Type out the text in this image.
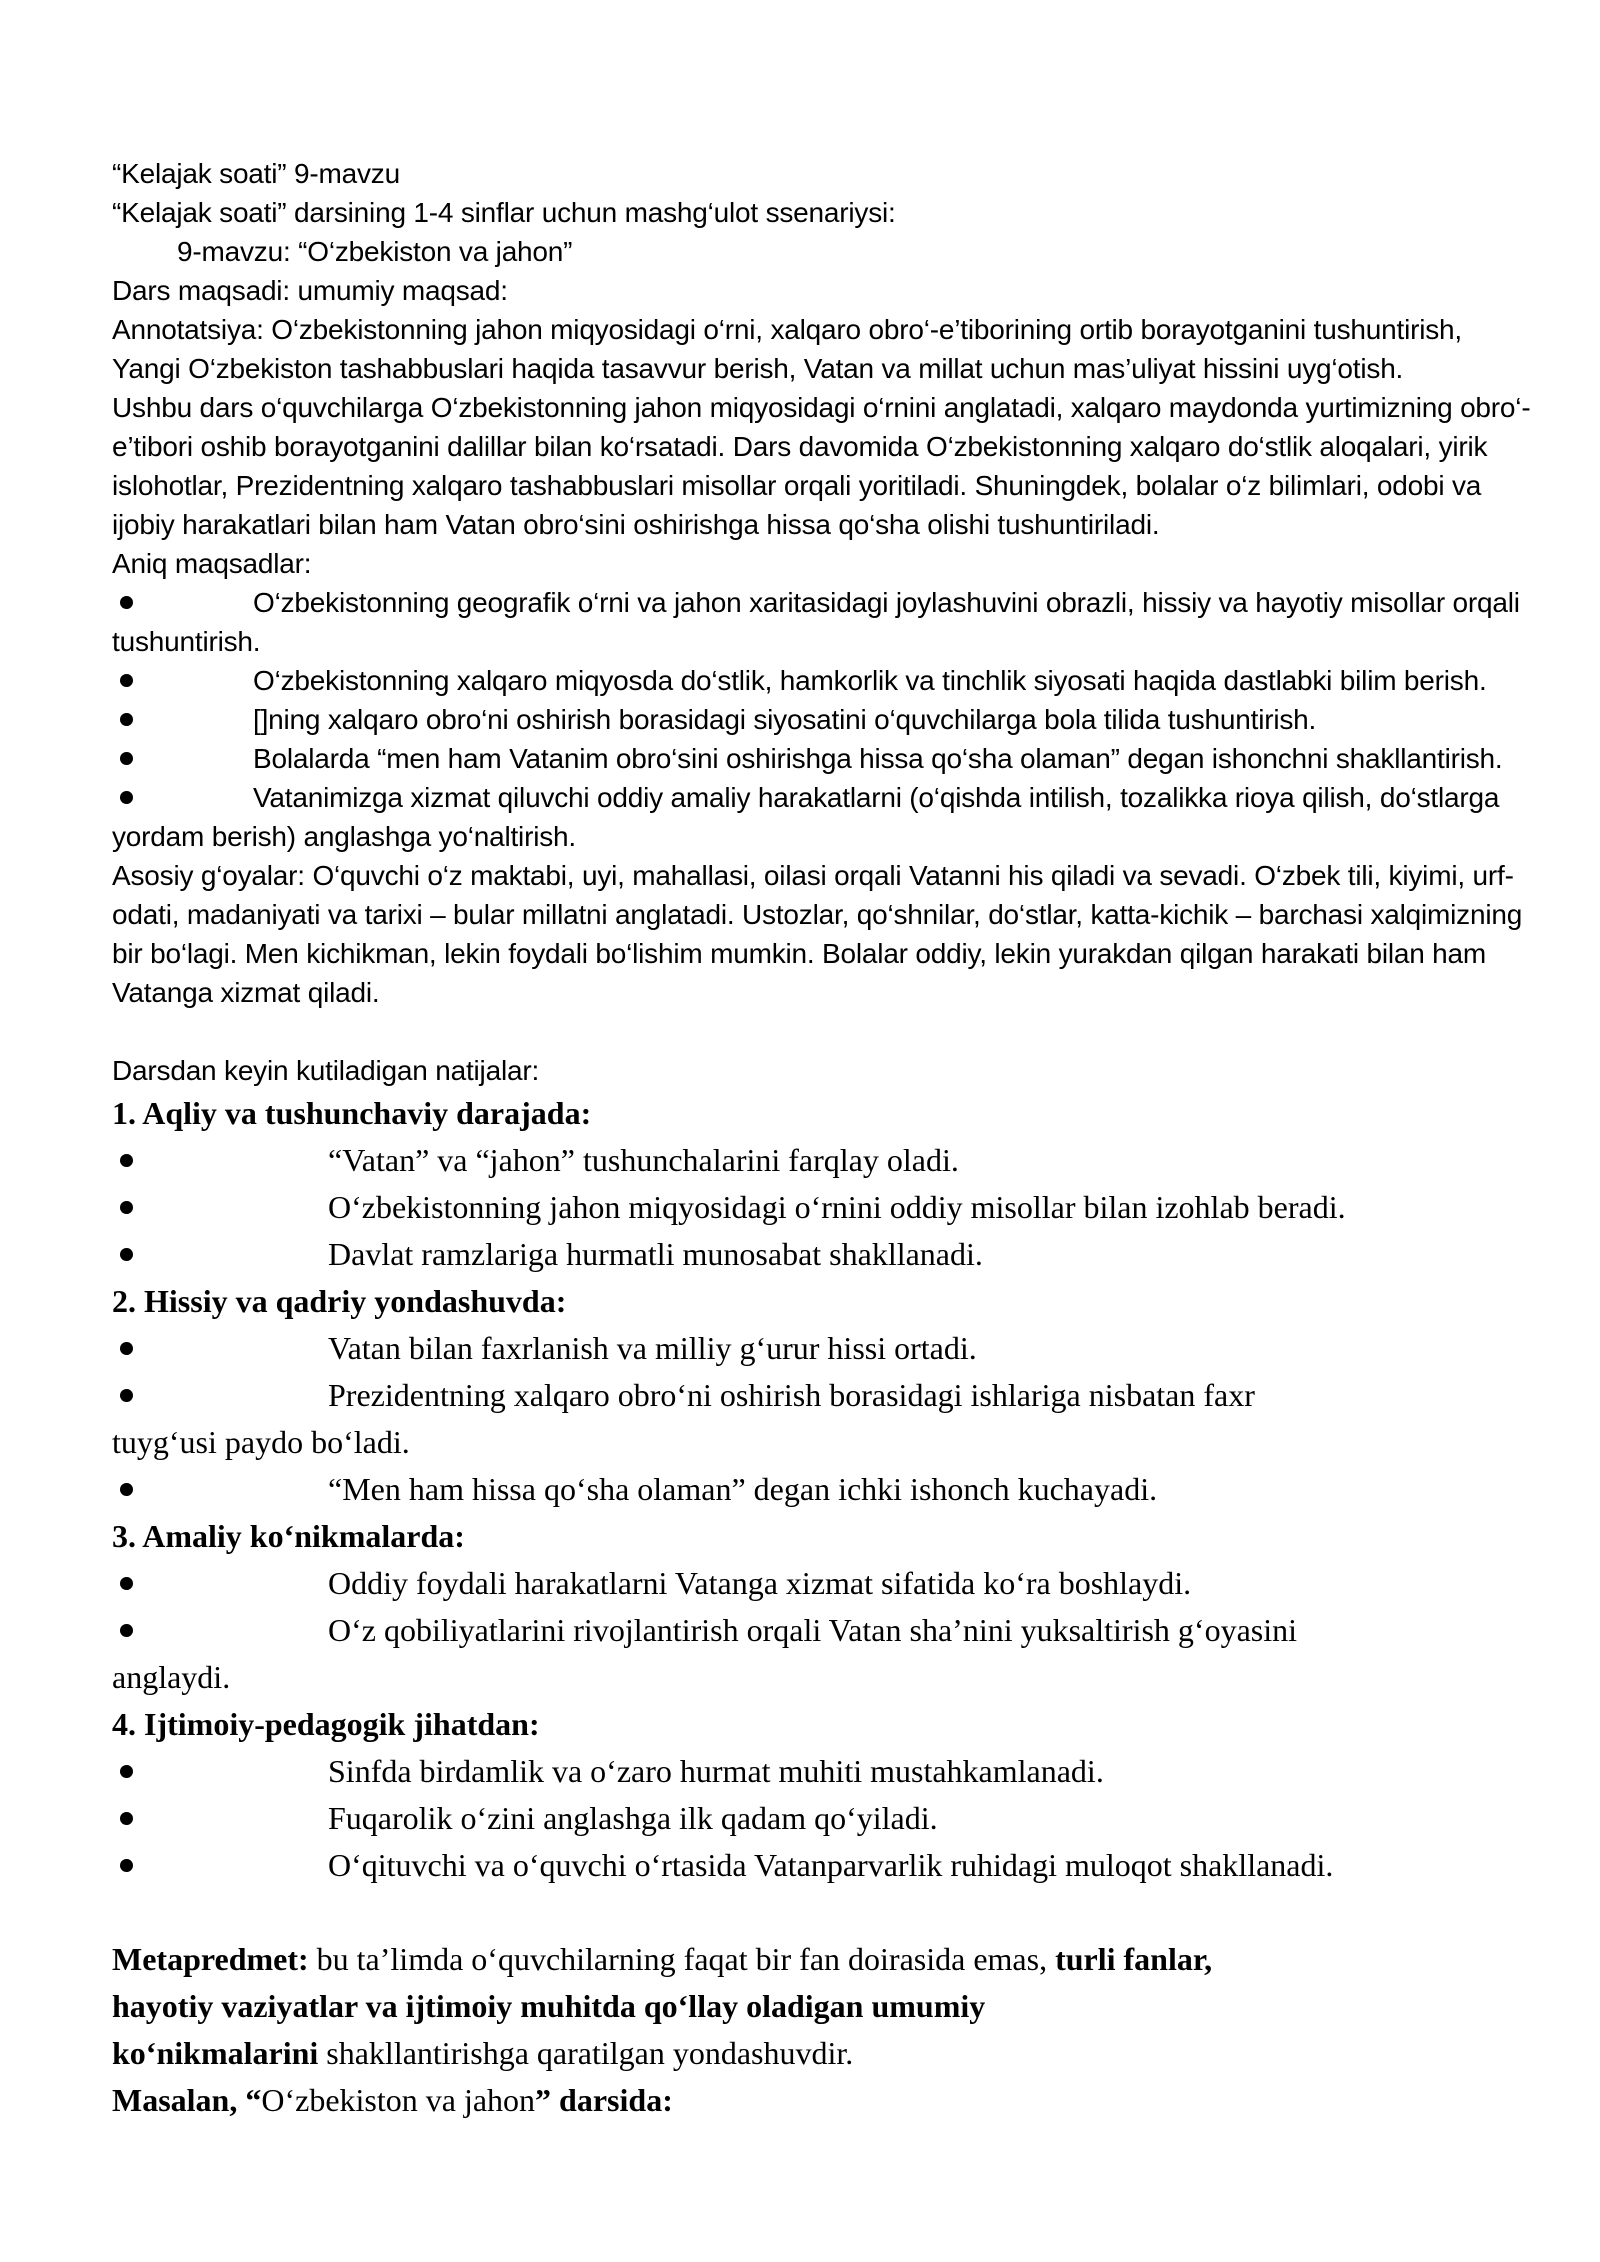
“Kelajak soati” 9-mavzu
“Kelajak soati” darsining 1-4 sinflar uchun mashg‘ulot ssenariysi:
9-mavzu: “O‘zbekiston va jahon”
Dars maqsadi: umumiy maqsad:
Annotatsiya: O‘zbekistonning jahon miqyosidagi o‘rni, xalqaro obro‘-e’tiborining ortib borayotganini tushuntirish,
Yangi O‘zbekiston tashabbuslari haqida tasavvur berish, Vatan va millat uchun mas’uliyat hissini uyg‘otish.
Ushbu dars o‘quvchilarga O‘zbekistonning jahon miqyosidagi o‘rnini anglatadi, xalqaro maydonda yurtimizning obro‘-
e’tibori oshib borayotganini dalillar bilan ko‘rsatadi. Dars davomida O‘zbekistonning xalqaro do‘stlik aloqalari, yirik
islohotlar, Prezidentning xalqaro tashabbuslari misollar orqali yoritiladi. Shuningdek, bolalar o‘z bilimlari, odobi va
ijobiy harakatlari bilan ham Vatan obro‘sini oshirishga hissa qo‘sha olishi tushuntiriladi.
Aniq maqsadlar:
O‘zbekistonning geografik o‘rni va jahon xaritasidagi joylashuvini obrazli, hissiy va hayotiy misollar orqali
tushuntirish.
O‘zbekistonning xalqaro miqyosda do‘stlik, hamkorlik va tinchlik siyosati haqida dastlabki bilim berish.
[]ning xalqaro obro‘ni oshirish borasidagi siyosatini o‘quvchilarga bola tilida tushuntirish.
Bolalarda “men ham Vatanim obro‘sini oshirishga hissa qo‘sha olaman” degan ishonchni shakllantirish.
Vatanimizga xizmat qiluvchi oddiy amaliy harakatlarni (o‘qishda intilish, tozalikka rioya qilish, do‘stlarga
yordam berish) anglashga yo‘naltirish.
Asosiy g‘oyalar: O‘quvchi o‘z maktabi, uyi, mahallasi, oilasi orqali Vatanni his qiladi va sevadi. O‘zbek tili, kiyimi, urf-
odati, madaniyati va tarixi – bular millatni anglatadi. Ustozlar, qo‘shnilar, do‘stlar, katta-kichik – barchasi xalqimizning
bir bo‘lagi. Men kichikman, lekin foydali bo‘lishim mumkin. Bolalar oddiy, lekin yurakdan qilgan harakati bilan ham
Vatanga xizmat qiladi.
Darsdan keyin kutiladigan natijalar:
1. Aqliy va tushunchaviy darajada:
“Vatan” va “jahon” tushunchalarini farqlay oladi.
O‘zbekistonning jahon miqyosidagi o‘rnini oddiy misollar bilan izohlab beradi.
Davlat ramzlariga hurmatli munosabat shakllanadi.
2. Hissiy va qadriy yondashuvda:
Vatan bilan faxrlanish va milliy g‘urur hissi ortadi.
Prezidentning xalqaro obro‘ni oshirish borasidagi ishlariga nisbatan faxr
tuyg‘usi paydo bo‘ladi.
“Men ham hissa qo‘sha olaman” degan ichki ishonch kuchayadi.
3. Amaliy ko‘nikmalarda:
Oddiy foydali harakatlarni Vatanga xizmat sifatida ko‘ra boshlaydi.
O‘z qobiliyatlarini rivojlantirish orqali Vatan sha’nini yuksaltirish g‘oyasini
anglaydi.
4. Ijtimoiy-pedagogik jihatdan:
Sinfda birdamlik va o‘zaro hurmat muhiti mustahkamlanadi.
Fuqarolik o‘zini anglashga ilk qadam qo‘yiladi.
O‘qituvchi va o‘quvchi o‘rtasida Vatanparvarlik ruhidagi muloqot shakllanadi.
Metapredmet: bu ta’limda o‘quvchilarning faqat bir fan doirasida emas, turli fanlar,
hayotiy vaziyatlar va ijtimoiy muhitda qo‘llay oladigan umumiy
ko‘nikmalarini shakllantirishga qaratilgan yondashuvdir.
Masalan, “O‘zbekiston va jahon” darsida:
